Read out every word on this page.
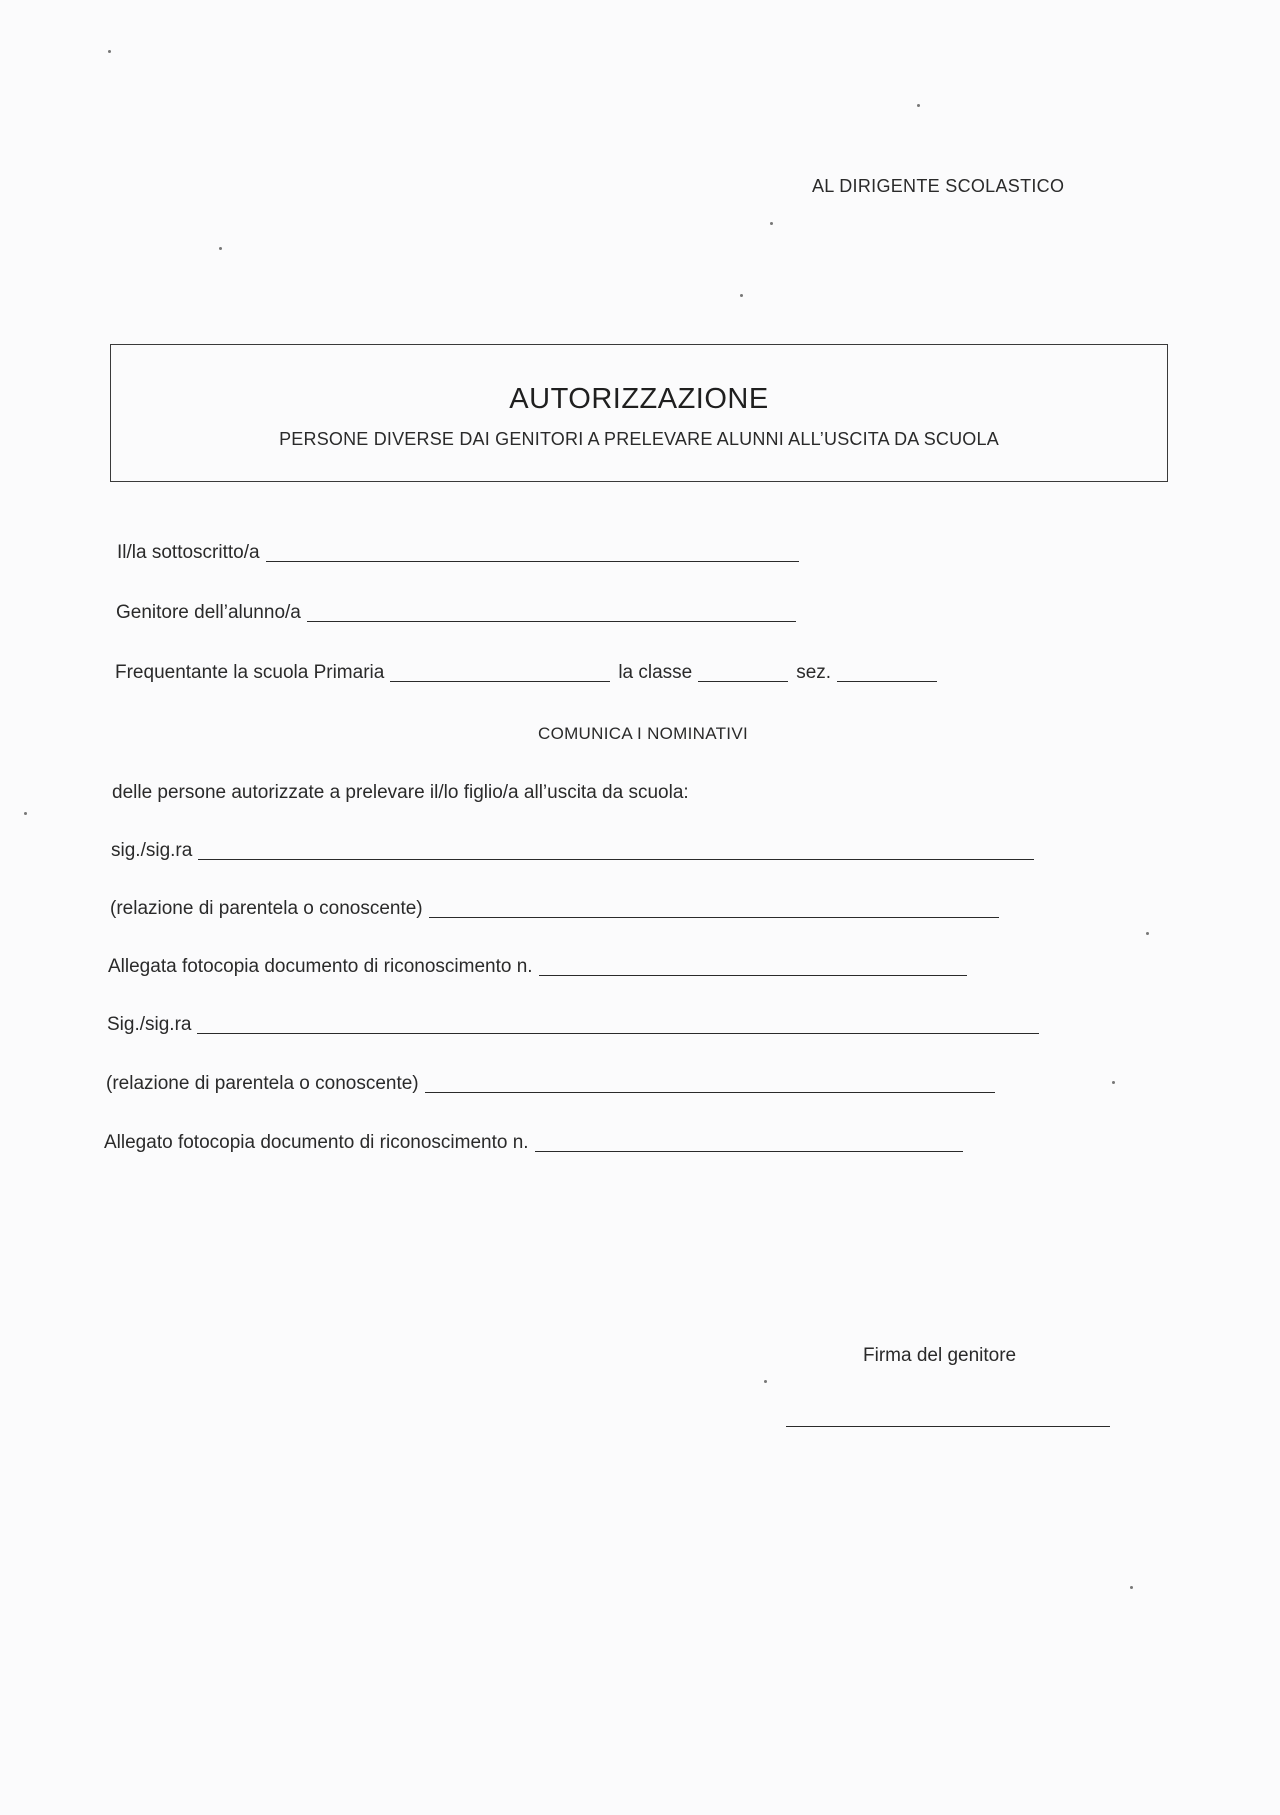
AL DIRIGENTE SCOLASTICO
AUTORIZZAZIONE
PERSONE DIVERSE DAI GENITORI A PRELEVARE ALUNNI ALL’USCITA DA SCUOLA
Il/la sottoscritto/a
Genitore dell’alunno/a
Frequentante la scuola Primaria	la classe	sez.
COMUNICA I NOMINATIVI
delle persone autorizzate a prelevare il/lo figlio/a all’uscita da scuola:
sig./sig.ra
(relazione di parentela o conoscente)
Allegata fotocopia documento di riconoscimento n.
Sig./sig.ra
(relazione di parentela o conoscente)
Allegato fotocopia documento di riconoscimento n.
Firma del genitore
